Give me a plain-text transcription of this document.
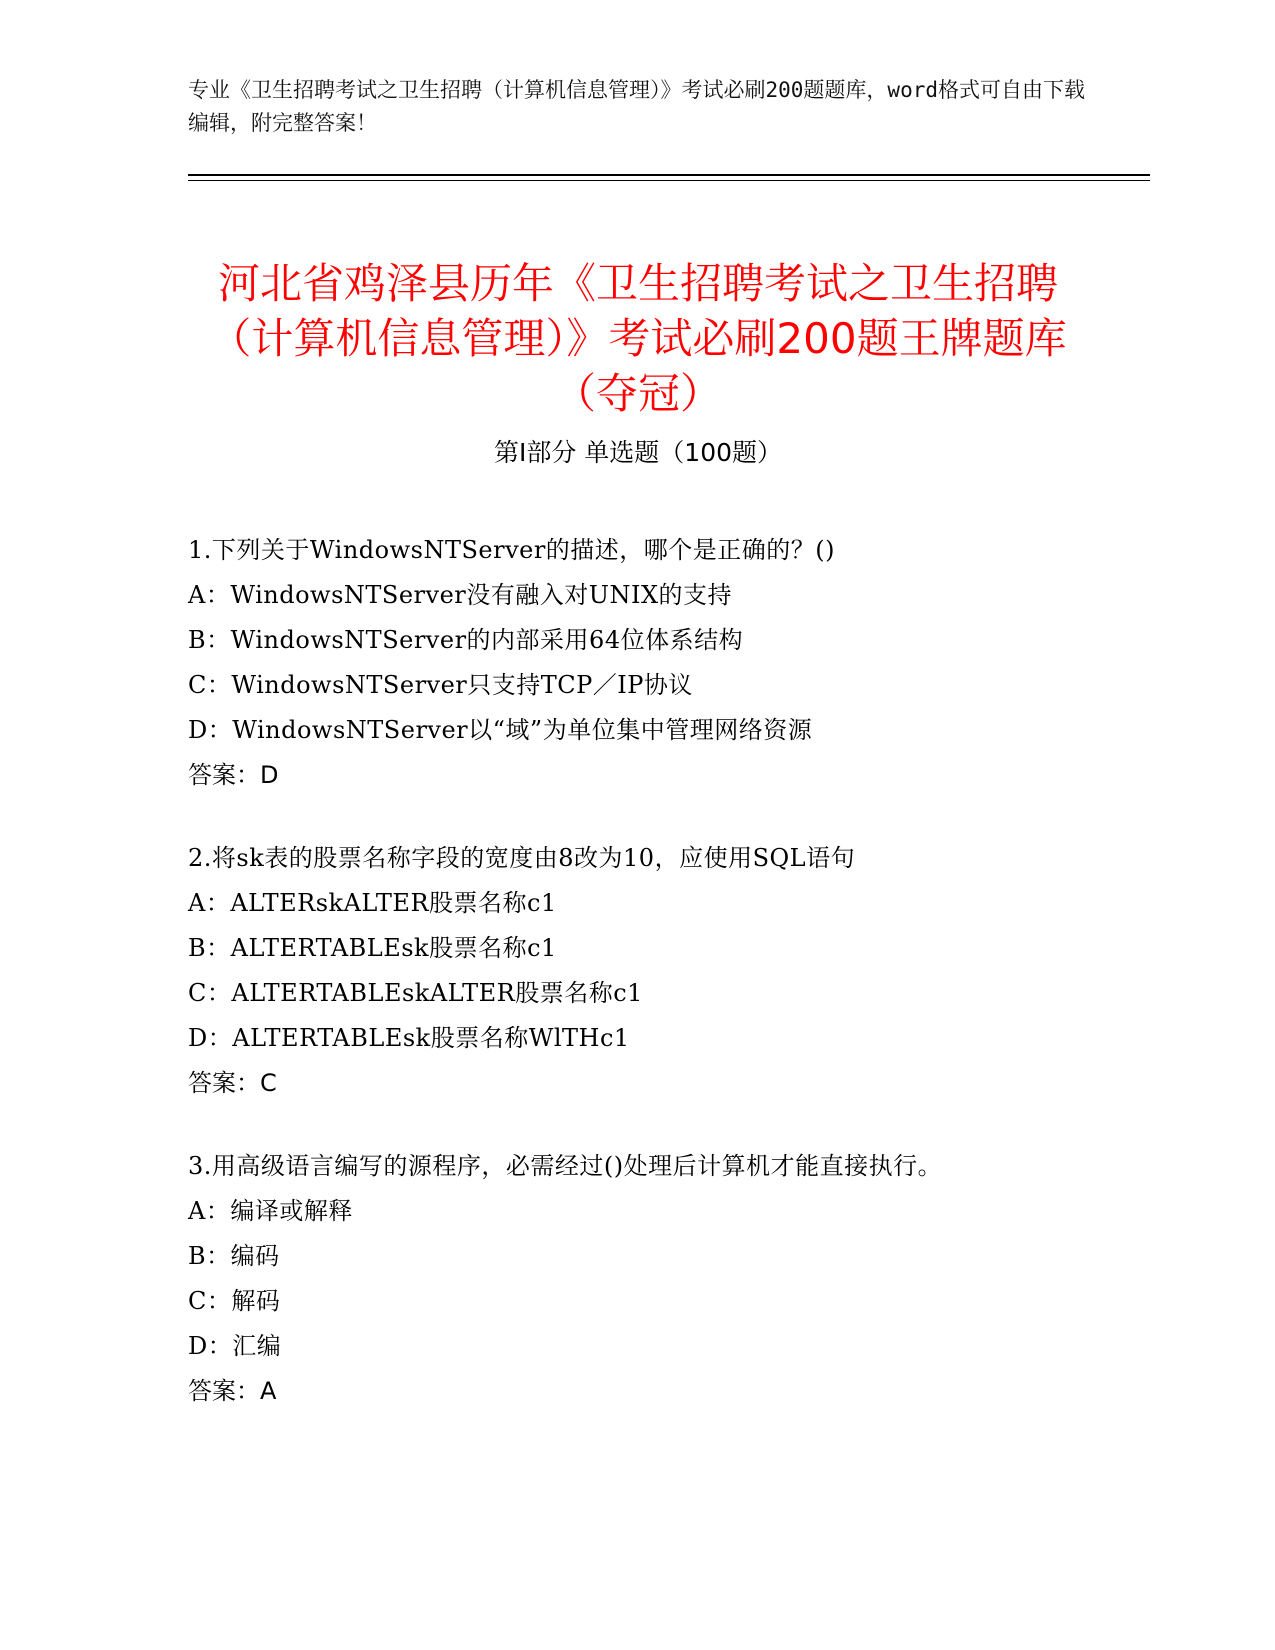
专业《卫生招聘考试之卫生招聘（计算机信息管理）》考试必刷200题题库，word格式可自由下载编辑，附完整答案！
河北省鸡泽县历年《卫生招聘考试之卫生招聘（计算机信息管理）》考试必刷200题王牌题库（夺冠）
第Ⅰ部分 单选题（100题）
1.下列关于WindowsNTServer的描述，哪个是正确的？()
A：WindowsNTServer没有融入对UNIX的支持
B：WindowsNTServer的内部采用64位体系结构
C：WindowsNTServer只支持TCP／IP协议
D：WindowsNTServer以“域”为单位集中管理网络资源
答案：D
2.将sk表的股票名称字段的宽度由8改为10，应使用SQL语句
A：ALTERskALTER股票名称c1
B：ALTERTABLEsk股票名称c1
C：ALTERTABLEskALTER股票名称c1
D：ALTERTABLEsk股票名称WlTHc1
答案：C
3.用高级语言编写的源程序，必需经过()处理后计算机才能直接执行。
A：编译或解释
B：编码
C：解码
D：汇编
答案：A
